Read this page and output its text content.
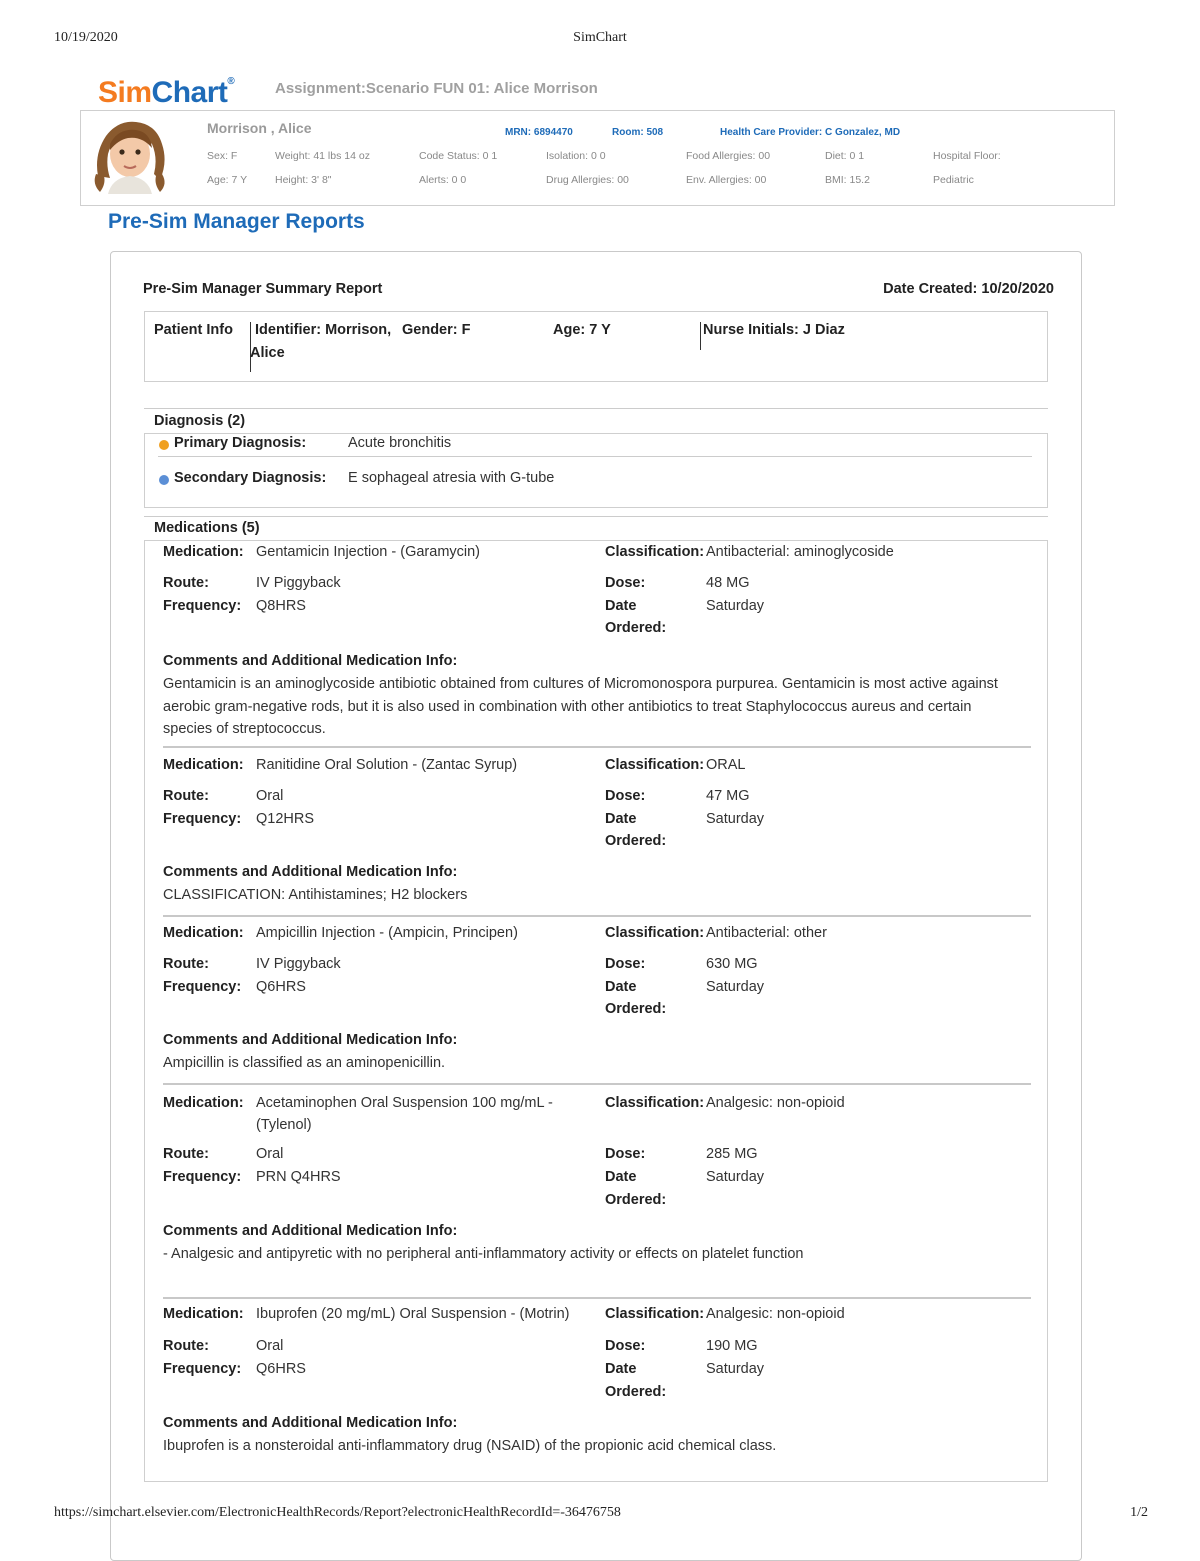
10/19/2020	SimChart
SimChart®	Assignment:Scenario FUN 01: Alice Morrison
Morrison , Alice	MRN: 6894470	Room: 508	Health Care Provider: C Gonzalez, MD
Sex: F	Weight: 41 lbs 14 oz	Code Status: 0 1	Isolation: 0 0	Food Allergies: 00	Diet: 0 1	Hospital Floor:
Age: 7 Y	Height: 3' 8"	Alerts: 0 0	Drug Allergies: 00	Env. Allergies: 00	BMI: 15.2	Pediatric
Pre-Sim Manager Reports
Pre-Sim Manager Summary Report	Date Created: 10/20/2020
Patient Info Identifier: Morrison,
Alice
Gender: F	Age: 7 Y	Nurse Initials: J Diaz
Diagnosis (2)
Primary Diagnosis:	Acute bronchitis
Secondary Diagnosis: E sophageal atresia with G-tube
Medications (5)
Medication: Gentamicin Injection - (Garamycin)	Classification: Antibacterial: aminoglycoside
Route:	IV Piggyback
Frequency: Q8HRS
Dose:	48 MG
Date	Saturday
Ordered:
Comments and Additional Medication Info:
Gentamicin is an aminoglycoside antibiotic obtained from cultures of Micromonospora purpurea. Gentamicin is most active against aerobic gram-negative rods, but it is also used in combination with other antibiotics to treat Staphylococcus aureus and certain species of streptococcus.
Medication: Ranitidine Oral Solution - (Zantac Syrup)	Classification: ORAL
Route:	Oral
Frequency: Q12HRS
Dose:	47 MG
Date	Saturday
Ordered:
Comments and Additional Medication Info:
CLASSIFICATION: Antihistamines; H2 blockers
Medication: Ampicillin Injection - (Ampicin, Principen)	Classification: Antibacterial: other
Route:	IV Piggyback
Frequency: Q6HRS
Dose:	630 MG
Date	Saturday
Ordered:
Comments and Additional Medication Info:
Ampicillin is classified as an aminopenicillin.
Medication: Acetaminophen Oral Suspension 100 mg/mL -
(Tylenol)
Classification: Analgesic: non-opioid
Route:	Oral
Frequency: PRN Q4HRS
Dose:	285 MG
Date	Saturday
Ordered:
Comments and Additional Medication Info:
- Analgesic and antipyretic with no peripheral anti-inflammatory activity or effects on platelet function
Medication: Ibuprofen (20 mg/mL) Oral Suspension - (Motrin) Classification: Analgesic: non-opioid
Route:	Oral
Frequency: Q6HRS
Dose:	190 MG
Date	Saturday
Ordered:
Comments and Additional Medication Info:
Ibuprofen is a nonsteroidal anti-inflammatory drug (NSAID) of the propionic acid chemical class.
https://simchart.elsevier.com/ElectronicHealthRecords/Report?electronicHealthRecordId=-36476758	1/2
